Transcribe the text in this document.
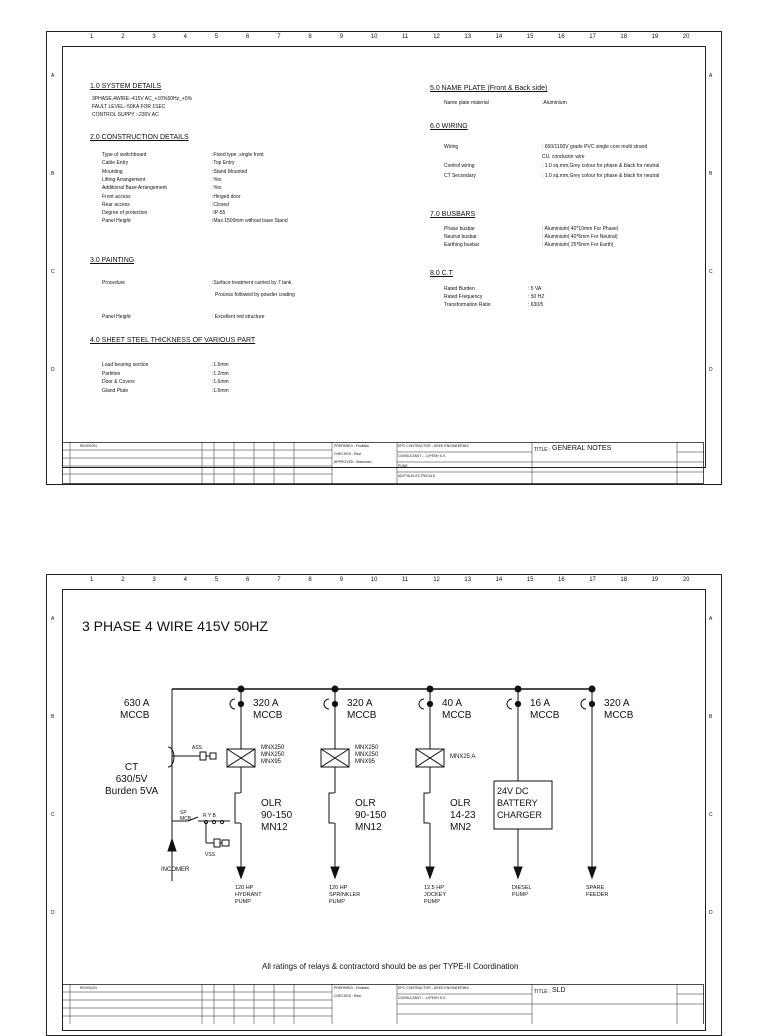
1	2	3	4	5	6	7	8	9	10	11	12	13	14	15	16	17	18	19	20
A	A
B	B
C	C
D	D
1.0 SYSTEM DETAILS
3PHASE,4WIRE:-415V AC_+10%50Hz_+5%
FAULT LEVEL:-50KA FOR 1SEC
CONTROL SUPPY :-230V AC
2.0 CONSTRUCTION DETAILS
Type of switchboard	:Fixed type ,single front
Cable Entry	:Top Entry
Mounting	:Stand Mounted
Lifting Arrangement	:Yes
Additional Base Arrangement	:Yes
Front access	:Hinged door
Rear access	:Closed
Degree of protection	:IP-55
Panel Height	:Max.1500mm without base Stand
3.0 PAINTING
Procedure	:Surface treatment carried by 7 tank
Process followed by powder coating
Panel Height	: Excellent red structure
4.0 SHEET STEEL THICKNESS OF VARIOUS PART
Load bearing section	:1.6mm
Partition	:1.2mm
Door & Covers	:1.6mm
Gland Plate	:1.6mm
5.0 NAME PLATE (Front & Back side)
Name plate material	:Aluminium
6.0 WIRING
Wiring	: 650/1100V grade PVC single core multi strand
CU. conductor wire
Control wiring	: 1.0 sq.mm,Grey colour for phase & black for neutral
CT Secondary	: 1.0 sq.mm,Grey colour for phase & black for neutral
7.0 BUSBARS
Phase busbar	: Aluminium( 40*10mm For Phase)
Neutral busbar	: Aluminium( 40*6mm For Neutral)
Earthing busbar	: Aluminium( 25*6mm For Earth)
8.0 C.T
Rated Burden	: 5 VA
Rated Frequency	: 50 HZ
Transformation Ratio	: 630/5
REVISION	PREPARED : Fesibilia
CHECKED : Ravi
APPROVED : Manuwan
EPC CONTRACTOR :-SEED ENGINEERING
CONSULTANT :- -LIPESH S.S
PUNE
ADITYA ELECTRICALS
TITLE : GENERAL NOTES
1	2	3	4	5	6	7	8	9	10	11	12	13	14	15	16	17	18	19	20
A	A
B	B
C	C
D	D
3 PHASE 4 WIRE 415V 50HZ
630 A
MCCB
CT
630/5V
Burden 5VA
ASS
SP
MCB R Y B
VSS
INCOMER
320 A
MCCB
MNX250
MNX250
MNX95
OLR
90-150
MN12
120 HP
HYDRANT
PUMP
320 A
MCCB
MNX250
MNX250
MNX95
OLR
90-150
MN12
120 HP
SPRINKLER
PUMP
40 A
MCCB
MNX25 A
OLR
14-23
MN2
12.5 HP
JOCKEY
PUMP
16 A
MCCB
24V DC
BATTERY
CHARGER
DIESEL
PUMP
320 A
MCCB
SPARE
FEEDER
All ratings of relays & contractord should be as per TYPE-II Coordination
REVISION	PREPARED : Fesibilia
CHECKED : Ravi
EPC CONTRACTOR :-SEED ENGINEERING
CONSULTANT :- -LIPESH S.S
TITLE : SLD
